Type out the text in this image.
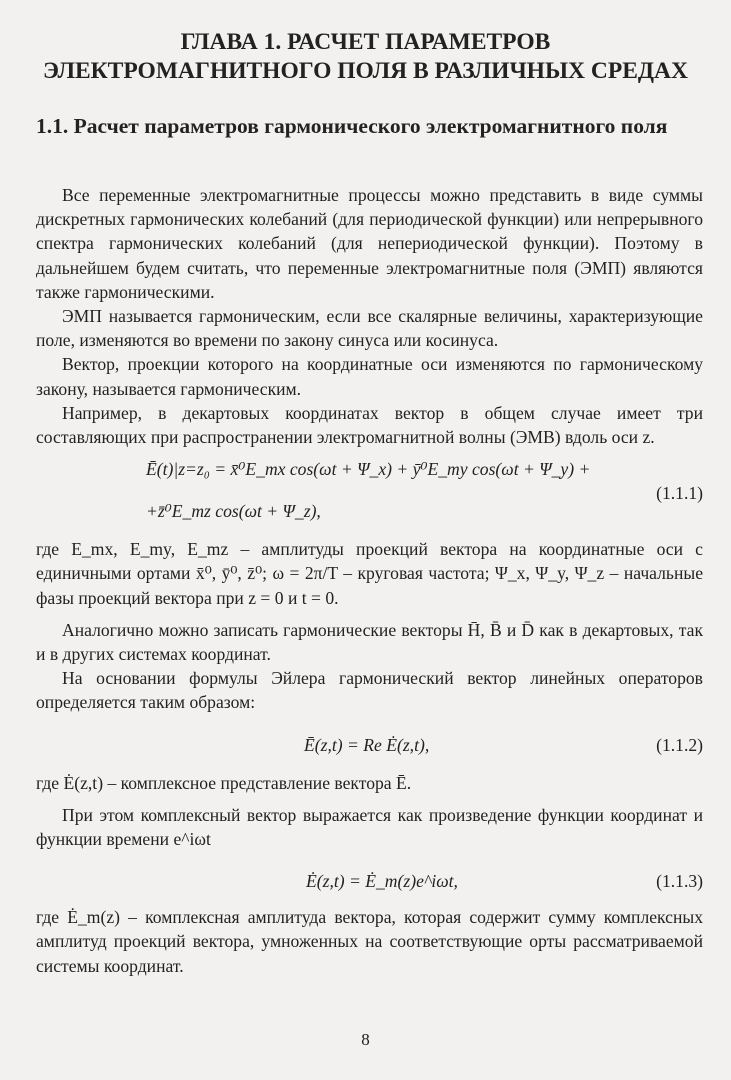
ГЛАВА 1. РАСЧЕТ ПАРАМЕТРОВ
ЭЛЕКТРОМАГНИТНОГО ПОЛЯ В РАЗЛИЧНЫХ СРЕДАХ
1.1. Расчет параметров гармонического электромагнитного поля

Все переменные электромагнитные процессы можно представить в виде суммы дискретных гармонических колебаний (для периодической функции) или непрерывного спектра гармонических колебаний (для непериодической функции). Поэтому в дальнейшем будем считать, что переменные электромагнитные поля (ЭМП) являются также гармоническими.

ЭМП называется гармоническим, если все скалярные величины, характеризующие поле, изменяются во времени по закону синуса или косинуса.

Вектор, проекции которого на координатные оси изменяются по гармоническому закону, называется гармоническим.

Например, в декартовых координатах вектор в общем случае имеет три составляющих при распространении электромагнитной волны (ЭМВ) вдоль оси z.

Ē(t)|z=z₀ = x̄⁰E_mx cos(ωt + Ψ_x) + ȳ⁰E_my cos(ωt + Ψ_y) +
+z̄⁰E_mz cos(ωt + Ψ_z),
(1.1.1)

где E_mx, E_my, E_mz – амплитуды проекций вектора на координатные оси с единичными ортами x̄⁰, ȳ⁰, z̄⁰; ω = 2π/T – круговая частота; Ψ_x, Ψ_y, Ψ_z – начальные фазы проекций вектора при z = 0 и t = 0.

Аналогично можно записать гармонические векторы H̄, B̄ и D̄ как в декартовых, так и в других системах координат.

На основании формулы Эйлера гармонический вектор линейных операторов определяется таким образом:

Ē(z,t) = Re Ė(z,t),	(1.1.2)

где Ė(z,t) – комплексное представление вектора Ē.

При этом комплексный вектор выражается как произведение функции координат и функции времени e^iωt

Ė(z,t) = Ė_m(z)e^iωt,	(1.1.3)

где Ė_m(z) – комплексная амплитуда вектора, которая содержит сумму комплексных амплитуд проекций вектора, умноженных на соответствующие орты рассматриваемой системы координат.

8
